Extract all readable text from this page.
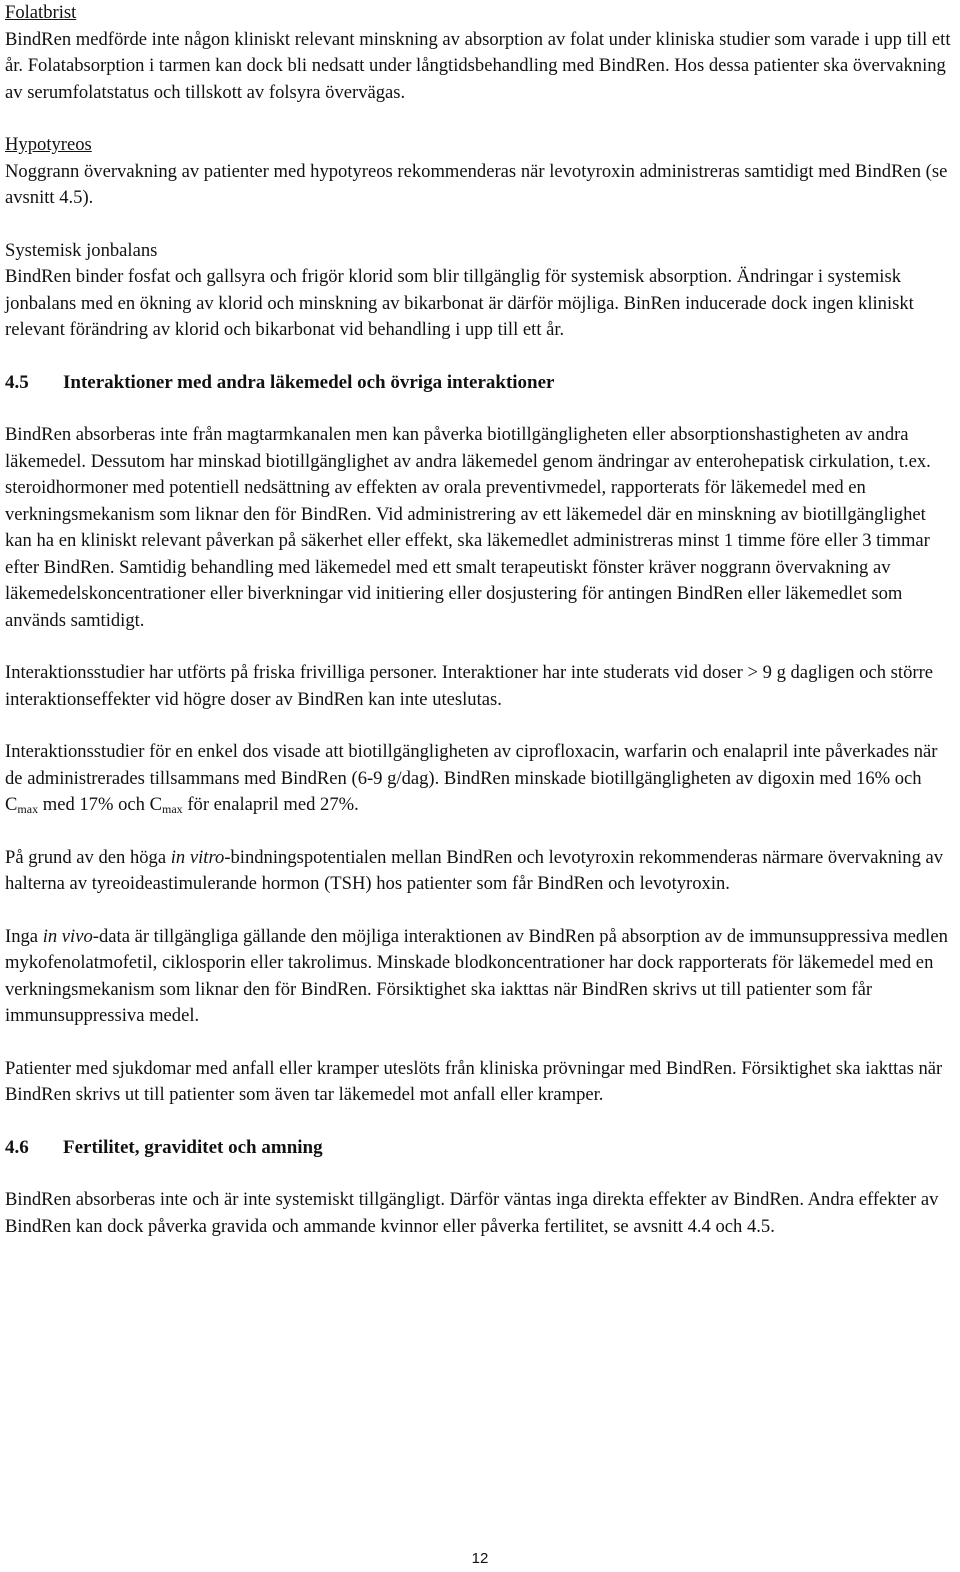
Folatbrist

BindRen medförde inte någon kliniskt relevant minskning av absorption av folat under kliniska studier som varade i upp till ett år. Folatabsorption i tarmen kan dock bli nedsatt under långtidsbehandling med BindRen. Hos dessa patienter ska övervakning av serumfolatstatus och tillskott av folsyra övervägas.

Hypotyreos

Noggrann övervakning av patienter med hypotyreos rekommenderas när levotyroxin administreras samtidigt med BindRen (se avsnitt 4.5).

Systemisk jonbalans

BindRen binder fosfat och gallsyra och frigör klorid som blir tillgänglig för systemisk absorption. Ändringar i systemisk jonbalans med en ökning av klorid och minskning av bikarbonat är därför möjliga. BinRen inducerade dock ingen kliniskt relevant förändring av klorid och bikarbonat vid behandling i upp till ett år.

4.5	Interaktioner med andra läkemedel och övriga interaktioner

BindRen absorberas inte från magtarmkanalen men kan påverka biotillgängligheten eller absorptionshastigheten av andra läkemedel. Dessutom har minskad biotillgänglighet av andra läkemedel genom ändringar av enterohepatisk cirkulation, t.ex. steroidhormoner med potentiell nedsättning av effekten av orala preventivmedel, rapporterats för läkemedel med en verkningsmekanism som liknar den för BindRen. Vid administrering av ett läkemedel där en minskning av biotillgänglighet kan ha en kliniskt relevant påverkan på säkerhet eller effekt, ska läkemedlet administreras minst 1 timme före eller 3 timmar efter BindRen. Samtidig behandling med läkemedel med ett smalt terapeutiskt fönster kräver noggrann övervakning av läkemedelskoncentrationer eller biverkningar vid initiering eller dosjustering för antingen BindRen eller läkemedlet som används samtidigt.

Interaktionsstudier har utförts på friska frivilliga personer. Interaktioner har inte studerats vid doser > 9 g dagligen och större interaktionseffekter vid högre doser av BindRen kan inte uteslutas.

Interaktionsstudier för en enkel dos visade att biotillgängligheten av ciprofloxacin, warfarin och enalapril inte påverkades när de administrerades tillsammans med BindRen (6-9 g/dag). BindRen minskade biotillgängligheten av digoxin med 16% och $C_{max}$ med 17% och $C_{max}$ för enalapril med 27%.

På grund av den höga in vitro-bindningspotentialen mellan BindRen och levotyroxin rekommenderas närmare övervakning av halterna av tyreoideastimulerande hormon (TSH) hos patienter som får BindRen och levotyroxin.

Inga in vivo-data är tillgängliga gällande den möjliga interaktionen av BindRen på absorption av de immunsuppressiva medlen mykofenolatmofetil, ciklosporin eller takrolimus. Minskade blodkoncentrationer har dock rapporterats för läkemedel med en verkningsmekanism som liknar den för BindRen. Försiktighet ska iakttas när BindRen skrivs ut till patienter som får immunsuppressiva medel.

Patienter med sjukdomar med anfall eller kramper uteslöts från kliniska prövningar med BindRen. Försiktighet ska iakttas när BindRen skrivs ut till patienter som även tar läkemedel mot anfall eller kramper.

4.6	Fertilitet, graviditet och amning

BindRen absorberas inte och är inte systemiskt tillgängligt. Därför väntas inga direkta effekter av BindRen. Andra effekter av BindRen kan dock påverka gravida och ammande kvinnor eller påverka fertilitet, se avsnitt 4.4 och 4.5.

12
